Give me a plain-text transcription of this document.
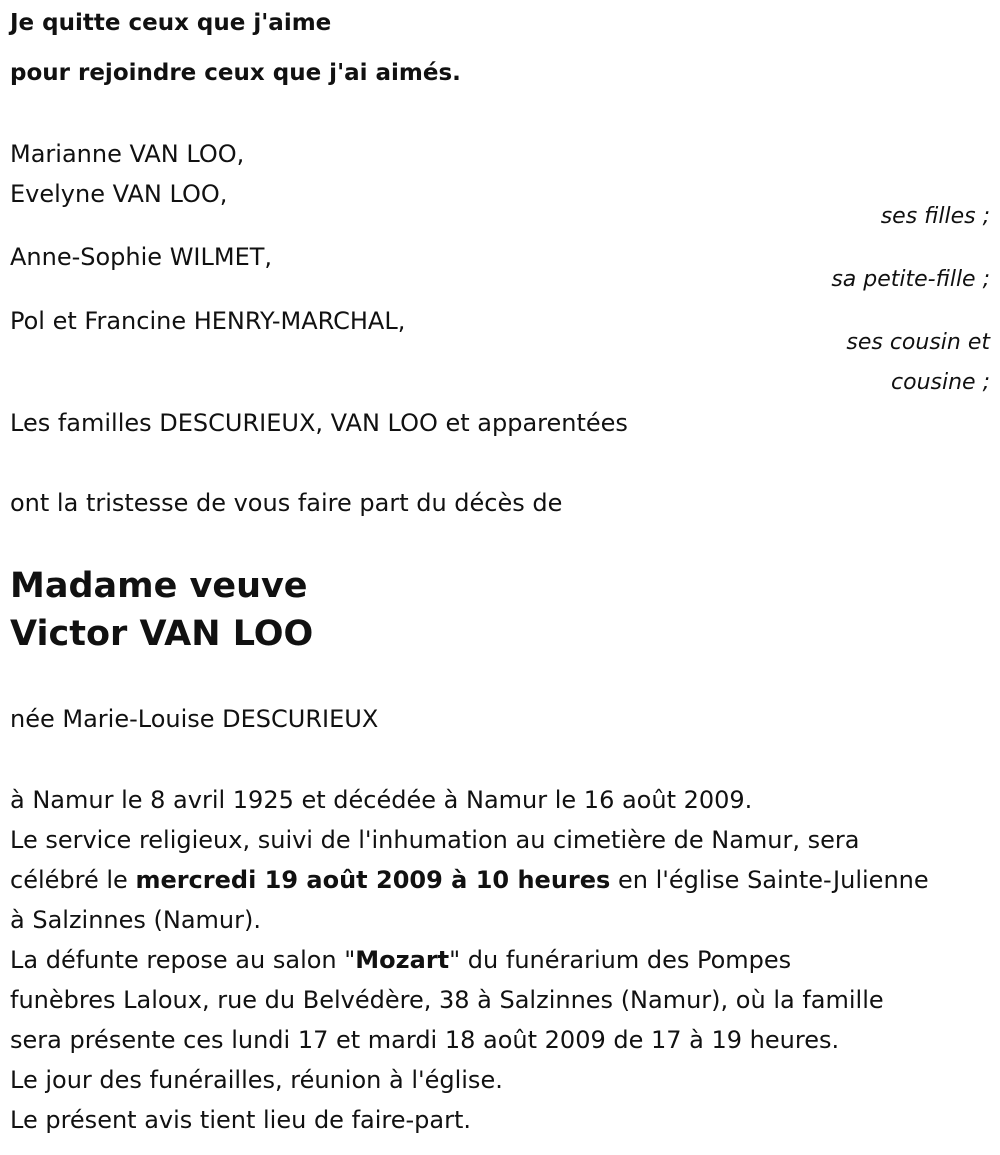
Je quitte ceux que j'aime
pour rejoindre ceux que j'ai aimés.
Marianne VAN LOO,
Evelyne VAN LOO,
ses filles ;
Anne-Sophie WILMET,
sa petite-fille ;
Pol et Francine HENRY-MARCHAL,
ses cousin et
cousine ;
Les familles DESCURIEUX, VAN LOO et apparentées
ont la tristesse de vous faire part du décès de
Madame veuve
Victor VAN LOO
née Marie-Louise DESCURIEUX
à Namur le 8 avril 1925 et décédée à Namur le 16 août 2009.
Le service religieux, suivi de l'inhumation au cimetière de Namur, sera
célébré le mercredi 19 août 2009 à 10 heures en l'église Sainte-Julienne
à Salzinnes (Namur).
La défunte repose au salon "Mozart" du funérarium des Pompes
funèbres Laloux, rue du Belvédère, 38 à Salzinnes (Namur), où la famille
sera présente ces lundi 17 et mardi 18 août 2009 de 17 à 19 heures.
Le jour des funérailles, réunion à l'église.
Le présent avis tient lieu de faire-part.
